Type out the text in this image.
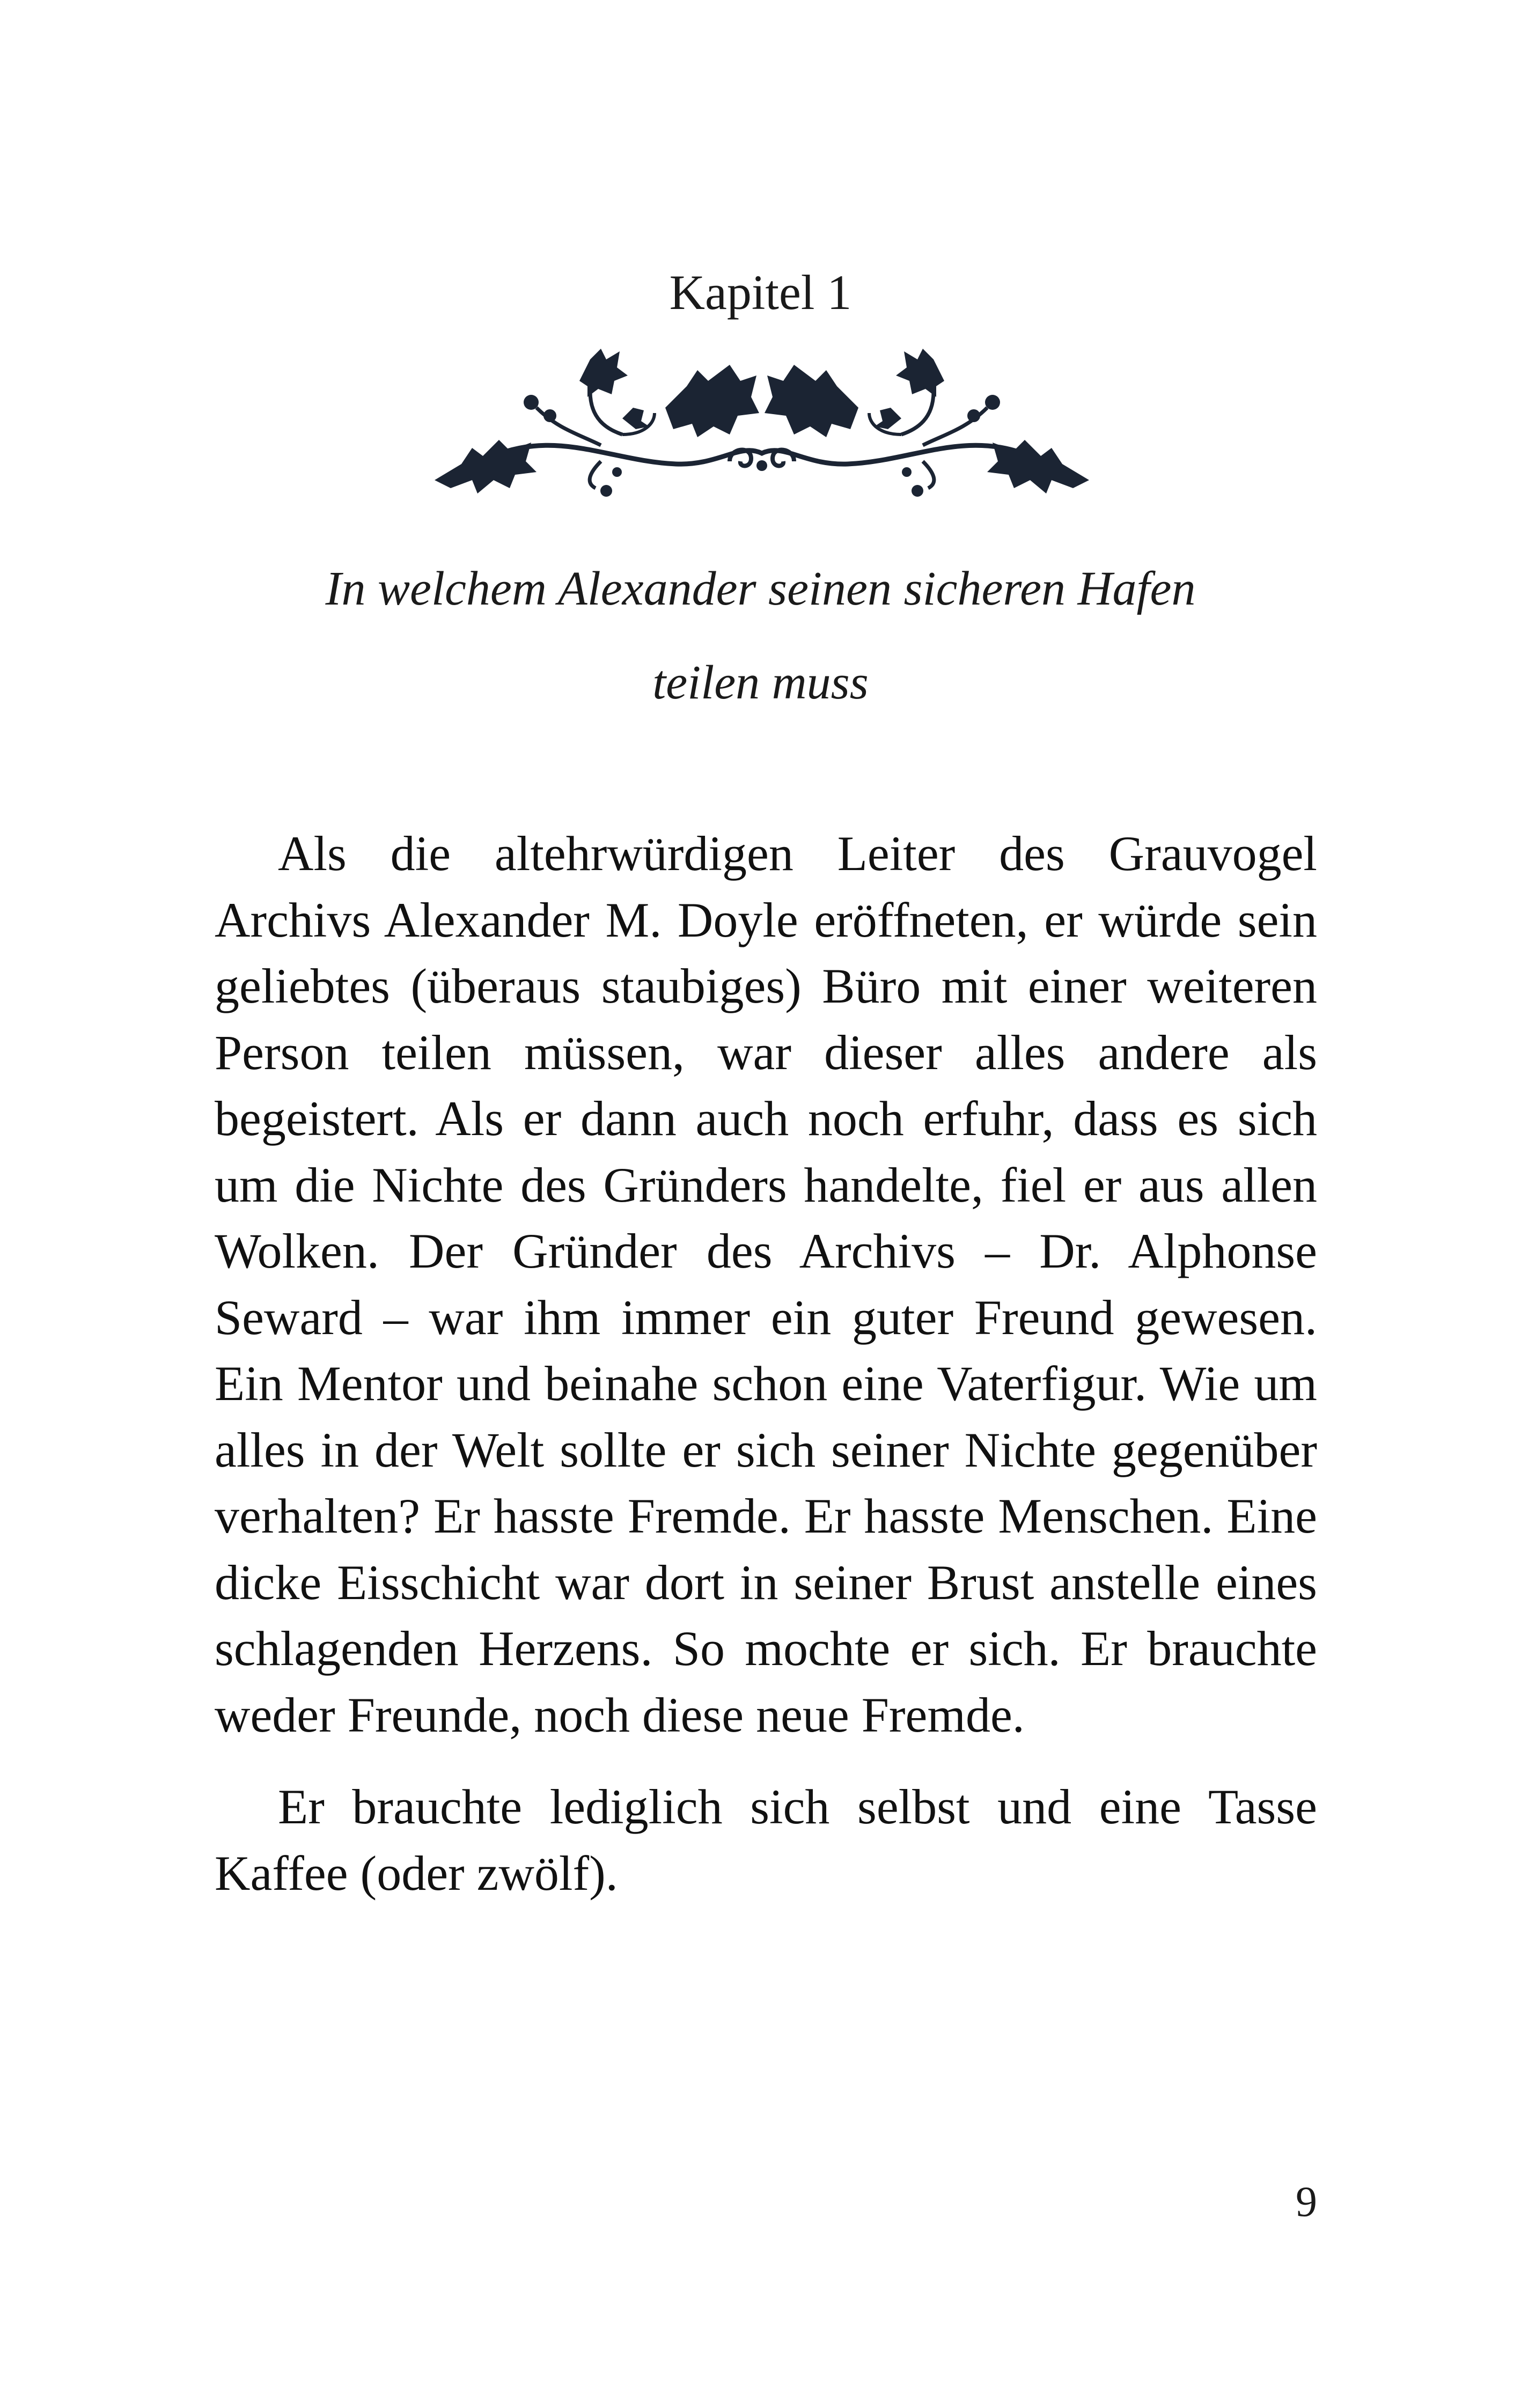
Kapitel 1
In welchem Alexander seinen sicheren Hafen
teilen muss

Als die altehrwürdigen Leiter des Grauvogel Archivs Alexander M. Doyle eröffneten, er würde sein geliebtes (überaus staubiges) Büro mit einer weiteren Person teilen müssen, war dieser alles andere als begeistert. Als er dann auch noch erfuhr, dass es sich um die Nichte des Gründers handelte, fiel er aus allen Wolken. Der Gründer des Archivs – Dr. Alphonse Seward – war ihm immer ein guter Freund gewesen. Ein Mentor und beinahe schon eine Vaterfigur. Wie um alles in der Welt sollte er sich seiner Nichte gegenüber verhalten? Er hasste Fremde. Er hasste Menschen. Eine dicke Eisschicht war dort in seiner Brust anstelle eines schlagenden Herzens. So mochte er sich. Er brauchte weder Freunde, noch diese neue Fremde.

Er brauchte lediglich sich selbst und eine Tasse Kaffee (oder zwölf).

9
